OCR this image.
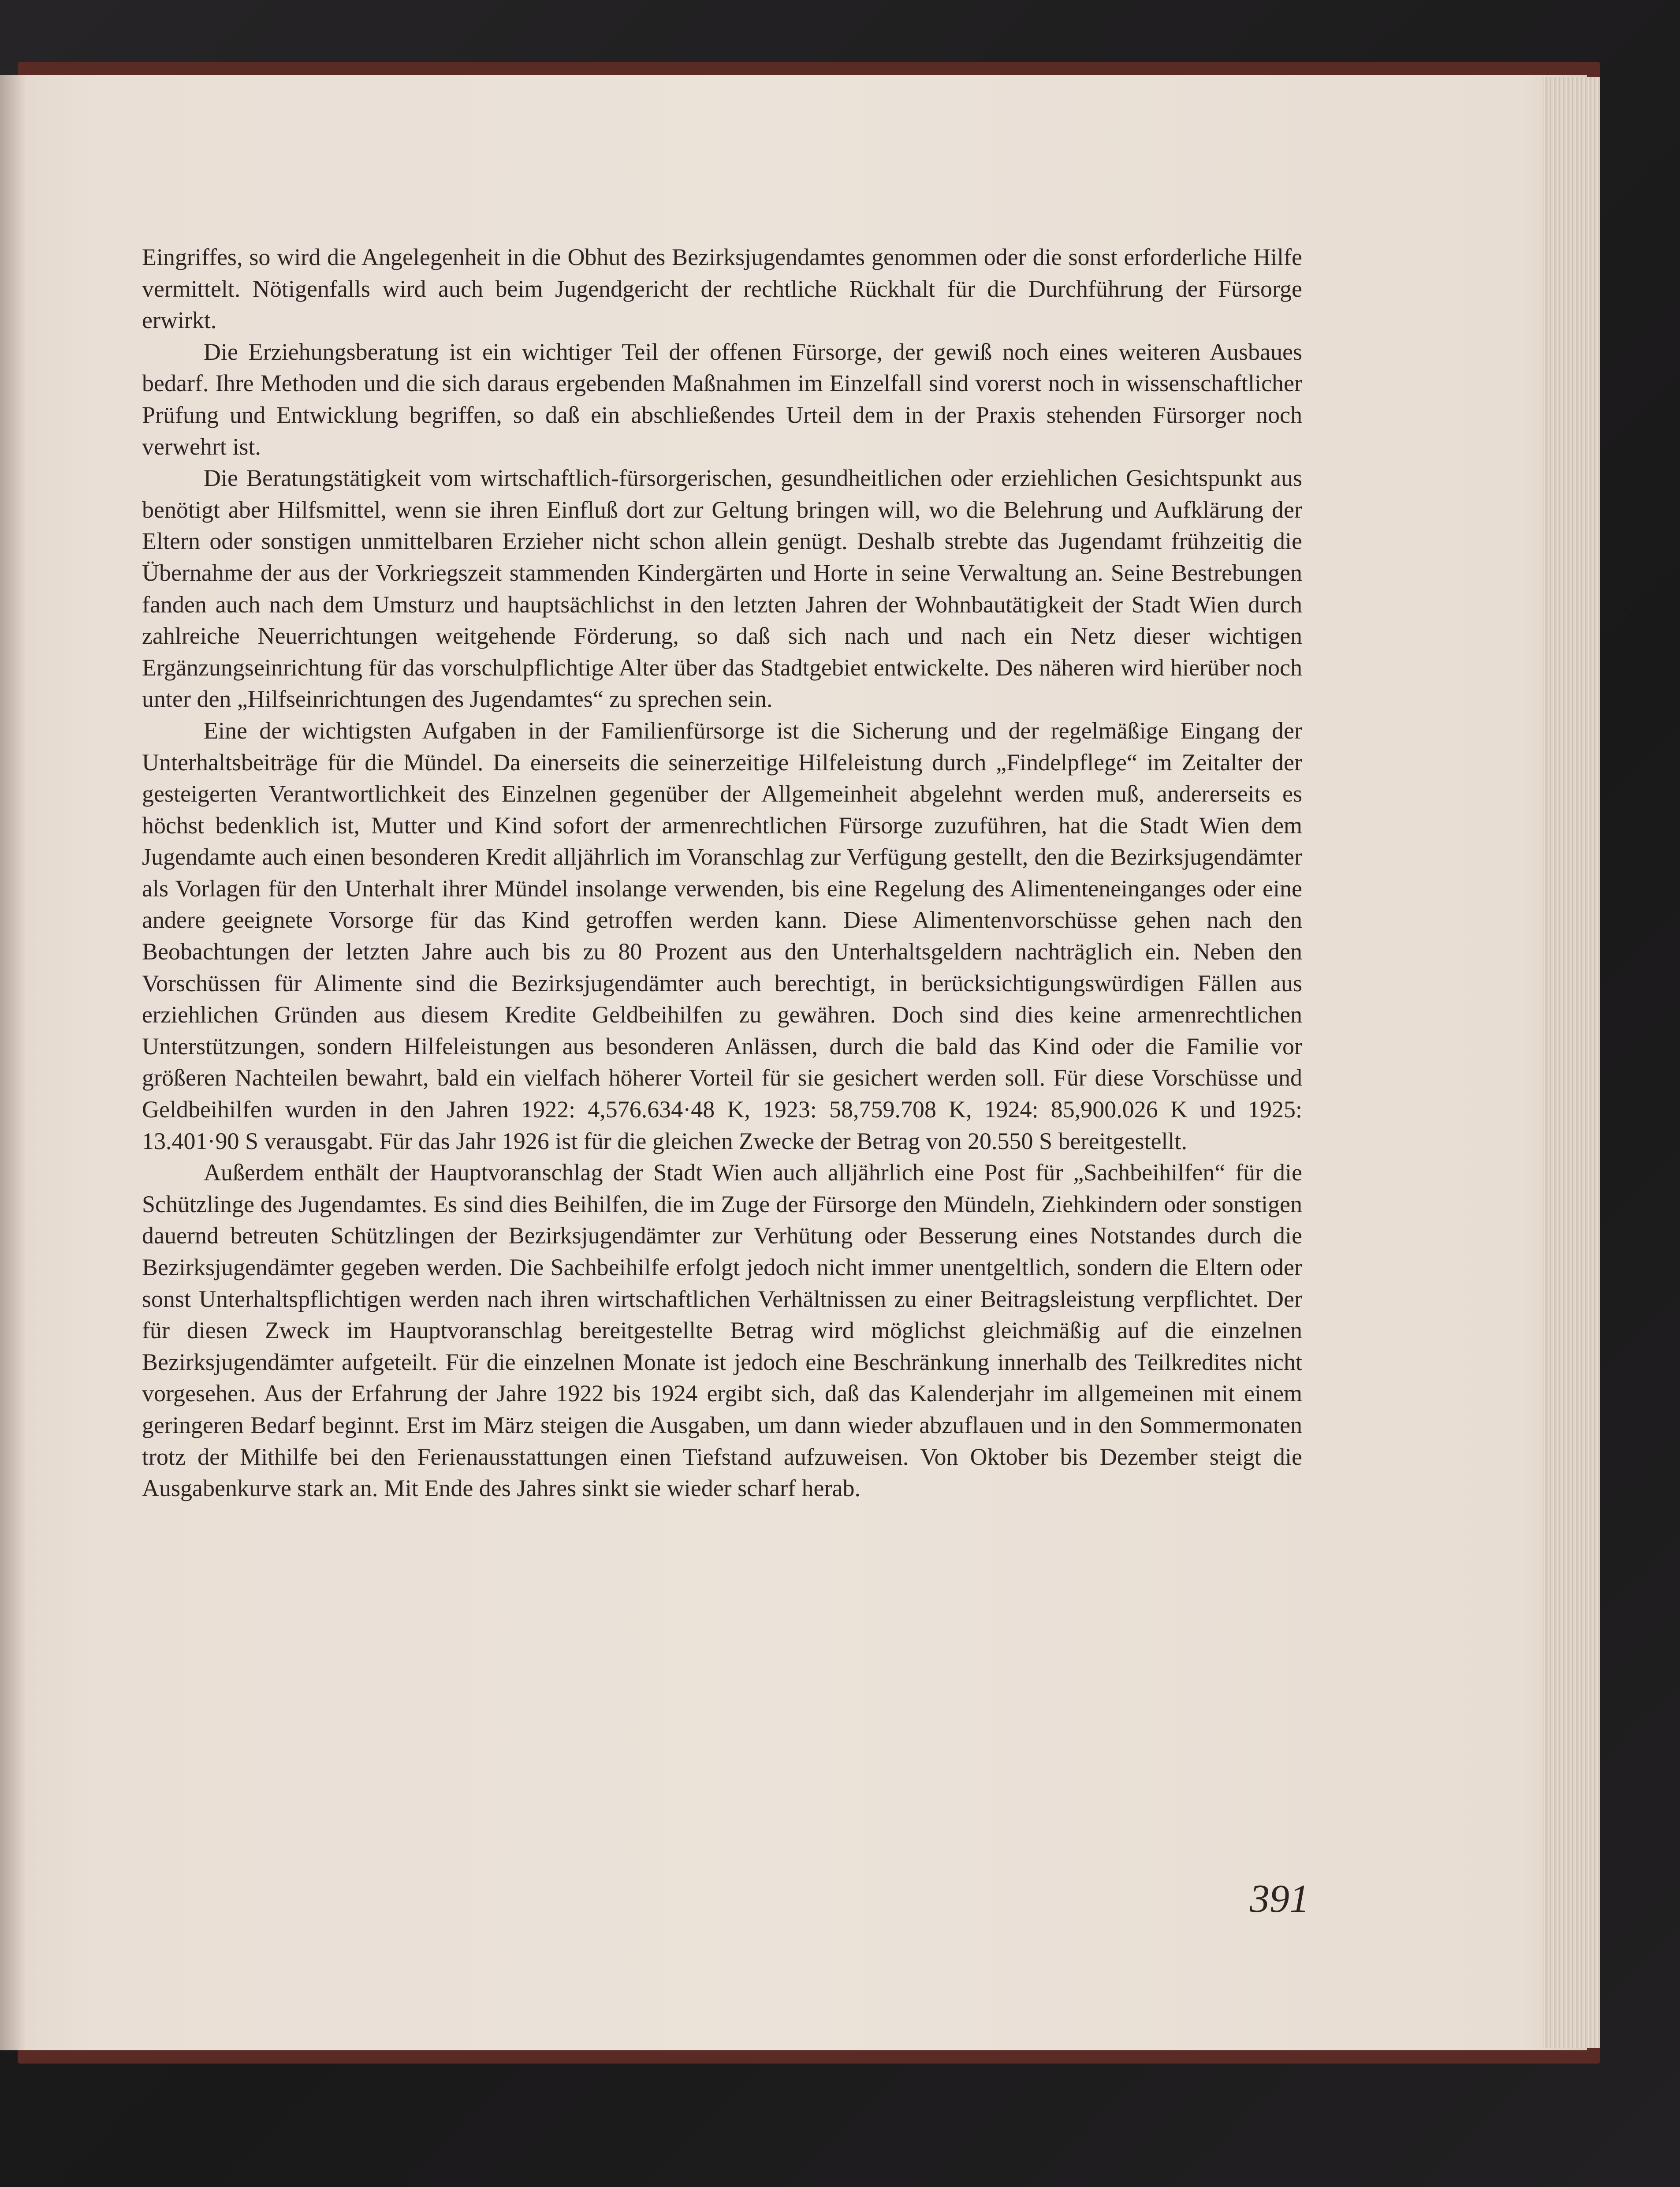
Eingriffes, so wird die Angelegenheit in die Obhut des Bezirksjugendamtes genommen oder die sonst erforderliche Hilfe vermittelt. Nötigenfalls wird auch beim Jugendgericht der rechtliche Rückhalt für die Durchführung der Fürsorge erwirkt.

Die Erziehungsberatung ist ein wichtiger Teil der offenen Fürsorge, der gewiß noch eines weiteren Ausbaues bedarf. Ihre Methoden und die sich daraus ergebenden Maßnahmen im Einzelfall sind vorerst noch in wissenschaftlicher Prüfung und Entwicklung begriffen, so daß ein abschließendes Urteil dem in der Praxis stehenden Fürsorger noch verwehrt ist.

Die Beratungstätigkeit vom wirtschaftlich-fürsorgerischen, gesundheitlichen oder erziehlichen Gesichtspunkt aus benötigt aber Hilfsmittel, wenn sie ihren Einfluß dort zur Geltung bringen will, wo die Belehrung und Aufklärung der Eltern oder sonstigen unmittelbaren Erzieher nicht schon allein genügt. Deshalb strebte das Jugendamt frühzeitig die Übernahme der aus der Vorkriegszeit stammenden Kindergärten und Horte in seine Verwaltung an. Seine Bestrebungen fanden auch nach dem Umsturz und hauptsächlichst in den letzten Jahren der Wohnbautätigkeit der Stadt Wien durch zahlreiche Neuerrichtungen weitgehende Förderung, so daß sich nach und nach ein Netz dieser wichtigen Ergänzungseinrichtung für das vorschulpflichtige Alter über das Stadtgebiet entwickelte. Des näheren wird hierüber noch unter den „Hilfseinrichtungen des Jugendamtes“ zu sprechen sein.

Eine der wichtigsten Aufgaben in der Familienfürsorge ist die Sicherung und der regelmäßige Eingang der Unterhaltsbeiträge für die Mündel. Da einerseits die seinerzeitige Hilfeleistung durch „Findelpflege“ im Zeitalter der gesteigerten Verantwortlichkeit des Einzelnen gegenüber der Allgemeinheit abgelehnt werden muß, andererseits es höchst bedenklich ist, Mutter und Kind sofort der armenrechtlichen Fürsorge zuzuführen, hat die Stadt Wien dem Jugendamte auch einen besonderen Kredit alljährlich im Voranschlag zur Verfügung gestellt, den die Bezirksjugendämter als Vorlagen für den Unterhalt ihrer Mündel insolange verwenden, bis eine Regelung des Alimenteneinganges oder eine andere geeignete Vorsorge für das Kind getroffen werden kann. Diese Alimentenvorschüsse gehen nach den Beobachtungen der letzten Jahre auch bis zu 80 Prozent aus den Unterhaltsgeldern nachträglich ein. Neben den Vorschüssen für Alimente sind die Bezirksjugendämter auch berechtigt, in berücksichtigungswürdigen Fällen aus erziehlichen Gründen aus diesem Kredite Geldbeihilfen zu gewähren. Doch sind dies keine armenrechtlichen Unterstützungen, sondern Hilfeleistungen aus besonderen Anlässen, durch die bald das Kind oder die Familie vor größeren Nachteilen bewahrt, bald ein vielfach höherer Vorteil für sie gesichert werden soll. Für diese Vorschüsse und Geldbeihilfen wurden in den Jahren 1922: 4,576.634·48 K, 1923: 58,759.708 K, 1924: 85,900.026 K und 1925: 13.401·90 S verausgabt. Für das Jahr 1926 ist für die gleichen Zwecke der Betrag von 20.550 S bereitgestellt.

Außerdem enthält der Hauptvoranschlag der Stadt Wien auch alljährlich eine Post für „Sachbeihilfen“ für die Schützlinge des Jugendamtes. Es sind dies Beihilfen, die im Zuge der Fürsorge den Mündeln, Ziehkindern oder sonstigen dauernd betreuten Schützlingen der Bezirksjugendämter zur Verhütung oder Besserung eines Notstandes durch die Bezirksjugendämter gegeben werden. Die Sachbeihilfe erfolgt jedoch nicht immer unentgeltlich, sondern die Eltern oder sonst Unterhaltspflichtigen werden nach ihren wirtschaftlichen Verhältnissen zu einer Beitragsleistung verpflichtet. Der für diesen Zweck im Hauptvoranschlag bereitgestellte Betrag wird möglichst gleichmäßig auf die einzelnen Bezirksjugendämter aufgeteilt. Für die einzelnen Monate ist jedoch eine Beschränkung innerhalb des Teilkredites nicht vorgesehen. Aus der Erfahrung der Jahre 1922 bis 1924 ergibt sich, daß das Kalenderjahr im allgemeinen mit einem geringeren Bedarf beginnt. Erst im März steigen die Ausgaben, um dann wieder abzuflauen und in den Sommermonaten trotz der Mithilfe bei den Ferienausstattungen einen Tiefstand aufzuweisen. Von Oktober bis Dezember steigt die Ausgabenkurve stark an. Mit Ende des Jahres sinkt sie wieder scharf herab.

391
